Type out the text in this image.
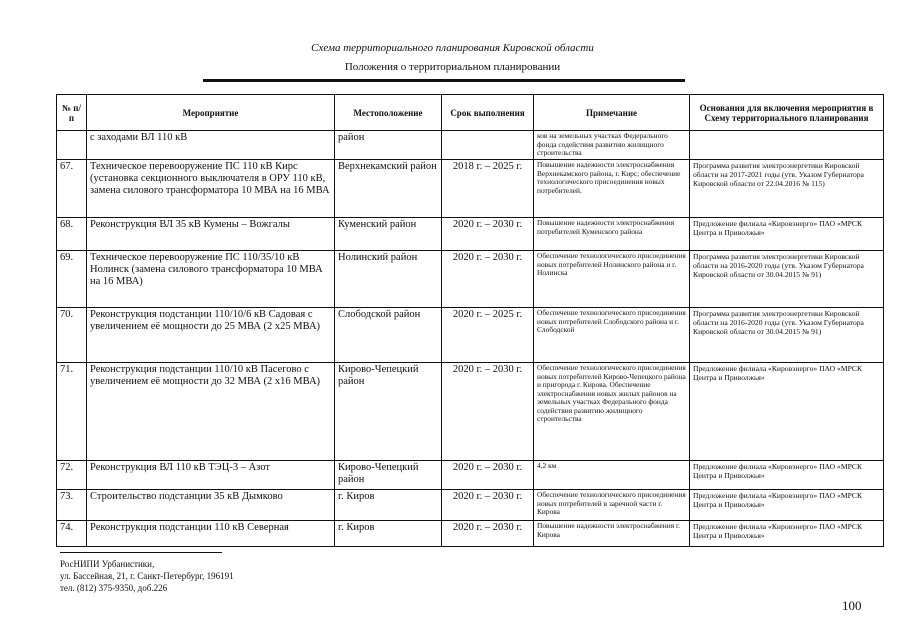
Схема территориального планирования Кировской области
Положения о территориальном планировании
№ п/п	Мероприятие	Местоположение	Срок выполнения	Примечание	Основания для включения мероприятия в Схему территориального планирования
	с заходами ВЛ 110 кВ	район		ков на земельных участках Федерального фонда содействия развитию жилищного строительства	
67.	Техническое перевооружение ПС 110 кВ Кирс (установка секционного выключателя в ОРУ 110 кВ, замена силового трансформатора 10 МВА на 16 МВА	Верхнекамский район	2018 г. – 2025 г.	Повышение надежности электроснабжения Верхнекамского района, г. Кирс; обеспечение технологического присоединения новых потребителей.	Программа развития электроэнергетики Кировской области на 2017-2021 годы (утв. Указом Губернатора Кировской области от 22.04.2016 № 115)
68.	Реконструкция ВЛ 35 кВ Кумены – Вожгалы	Куменский район	2020 г. – 2030 г.	Повышение надежности электроснабжения потребителей Куменского района	Предложение филиала «Кировэнерго» ПАО «МРСК Центра и Приволжья»
69.	Техническое перевооружение ПС 110/35/10 кВ Нолинск (замена силового трансформатора 10 МВА на 16 МВА)	Нолинский район	2020 г. – 2030 г.	Обеспечение технологического присоединения новых потребителей Нолинского района и г. Нолинска	Программа развития электроэнергетики Кировской области на 2016-2020 годы (утв. Указом Губернатора Кировской области от 30.04.2015 № 91)
70.	Реконструкция подстанции 110/10/6 кВ Садовая с увеличением её мощности до 25 МВА (2 х25 МВА)	Слободской район	2020 г. – 2025 г.	Обеспечение технологического присоединения новых потребителей Слободского района и г. Слободской	Программа развития электроэнергетики Кировской области на 2016-2020 годы (утв. Указом Губернатора Кировской области от 30.04.2015 № 91)
71.	Реконструкция подстанции 110/10 кВ Пасегово с увеличением её мощности до 32 МВА (2 х16 МВА)	Кирово-Чепецкий район	2020 г. – 2030 г.	Обеспечение технологического присоединения новых потребителей Кирово-Чепецкого района и пригорода г. Кирова. Обеспечение электроснабжения новых жилых районов на земельных участках Федерального фонда содействия развитию жилищного строительства	Предложение филиала «Кировэнерго» ПАО «МРСК Центра и Приволжья»
72.	Реконструкция ВЛ 110 кВ ТЭЦ-3 – Азот	Кирово-Чепецкий район	2020 г. – 2030 г.	4,2 км	Предложение филиала «Кировэнерго» ПАО «МРСК Центра и Приволжья»
73.	Строительство подстанции 35 кВ Дымково	г. Киров	2020 г. – 2030 г.	Обеспечение технологического присоединения новых потребителей в заречной части г. Кирова	Предложение филиала «Кировэнерго» ПАО «МРСК Центра и Приволжья»
74.	Реконструкция подстанции 110 кВ Северная	г. Киров	2020 г. – 2030 г.	Повышение надежности электроснабжения г. Кирова	Предложение филиала «Кировэнерго» ПАО «МРСК Центра и Приволжья»
РосНИПИ Урбанистики,
ул. Бассейная, 21, г. Санкт-Петербург, 196191
тел. (812) 375-9350, доб.226
100
